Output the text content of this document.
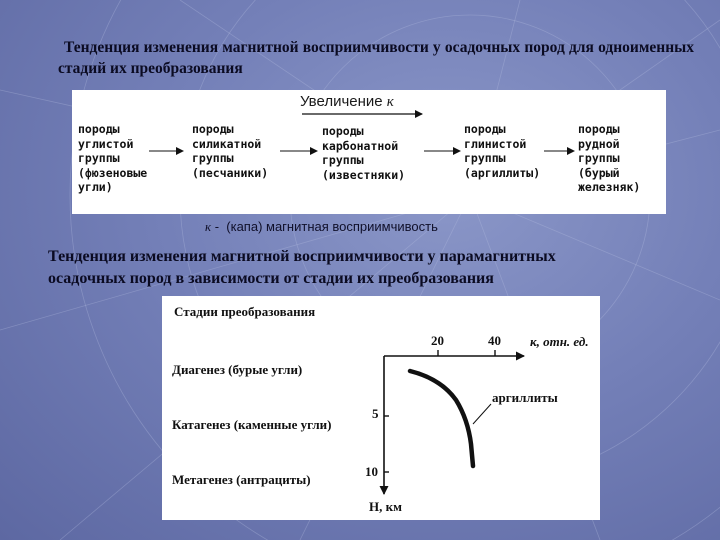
Тенденция изменения магнитной восприимчивости у осадочных пород для одноименных стадий их преобразования

Увеличение к
породы
углистой
группы
(фюзеновые
угли)
породы
силикатной
группы
(песчаники)
породы
карбонатной
группы
(известняки)
породы
глинистой
группы
(аргиллиты)
породы
рудной
группы
(бурый
железняк)
к -  (капа) магнитная восприимчивость

Тенденция изменения магнитной восприимчивости у парамагнитных осадочных пород в зависимости от стадии их преобразования

Стадии преобразования
Диагенез (бурые угли)
Катагенез (каменные угли)
Метагенез (антрациты)
20	40 к, отн. ед.
5
10
Н, км
аргиллиты
